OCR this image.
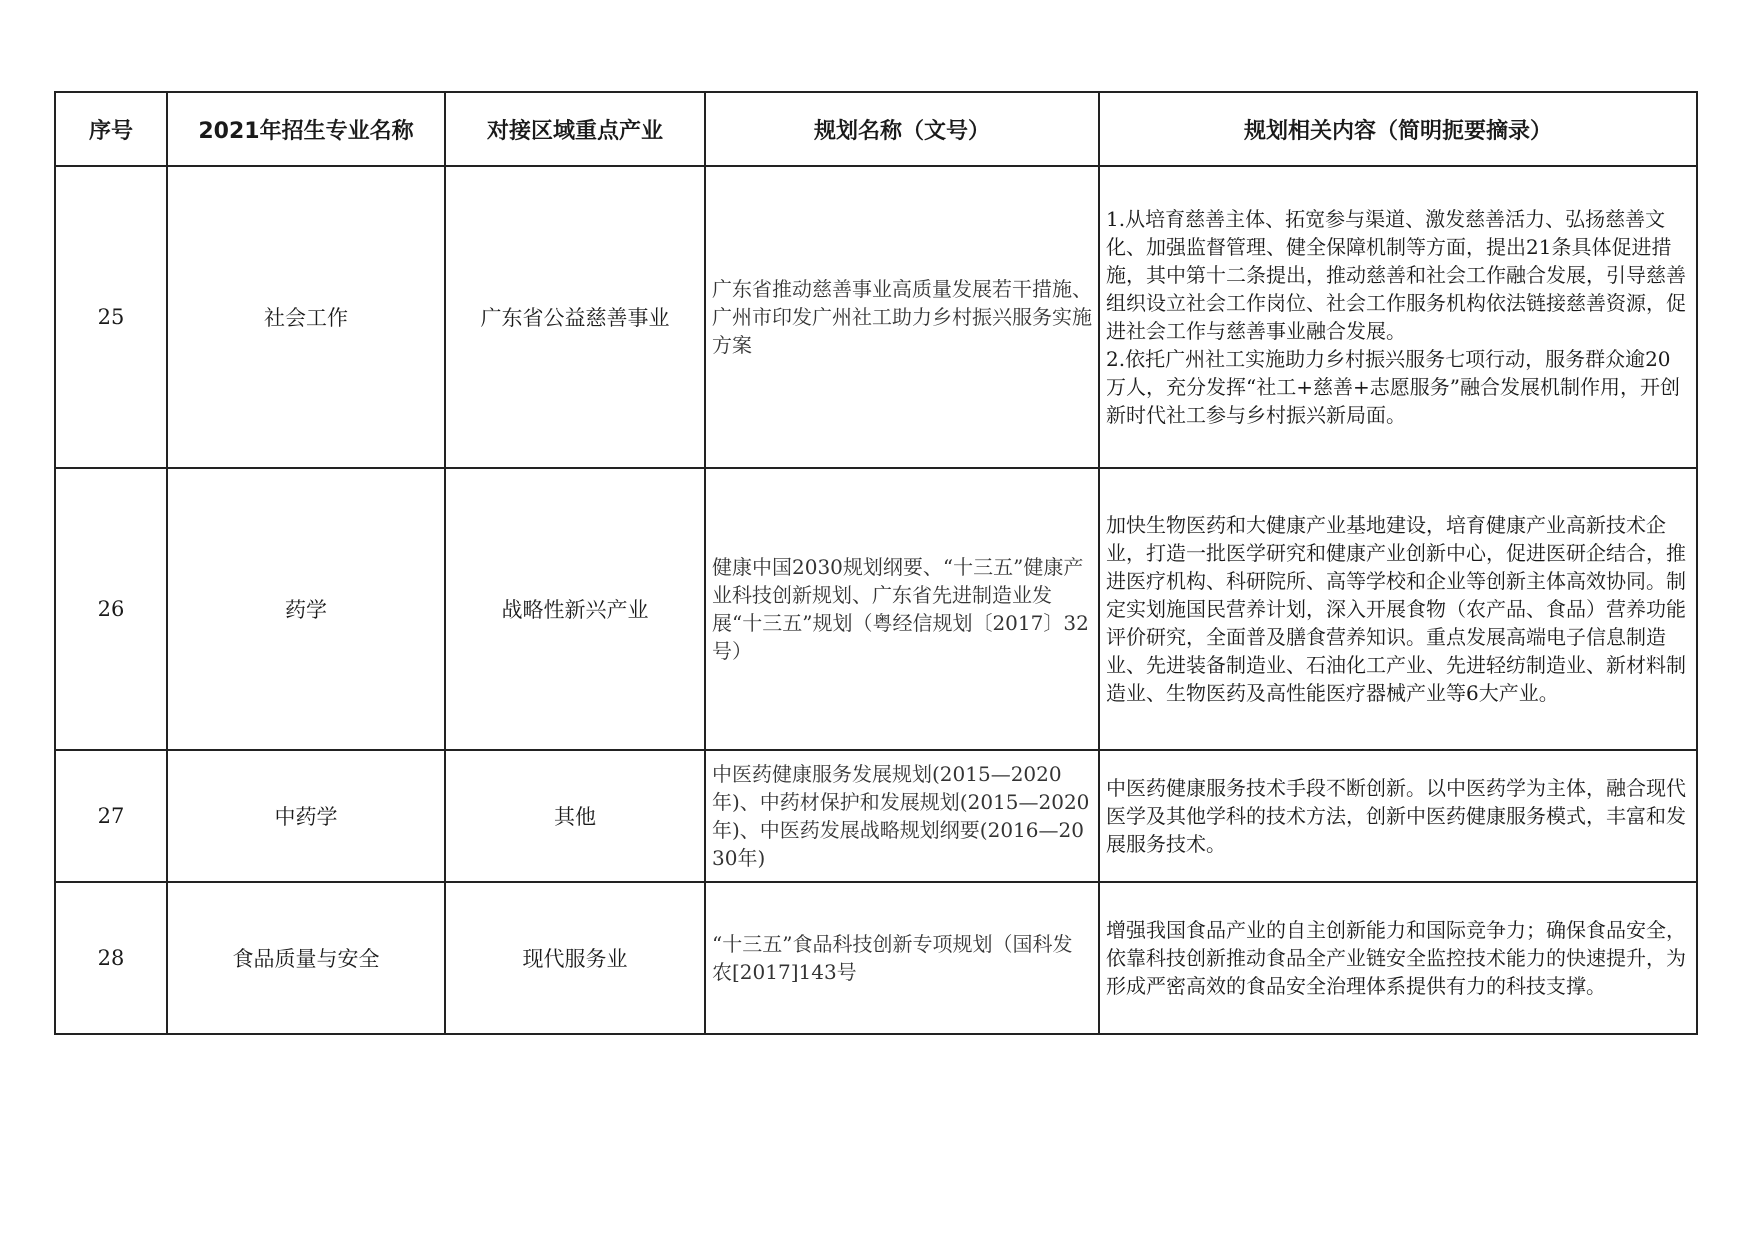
序号	2021年招生专业名称	对接区域重点产业	规划名称（文号）	规划相关内容（简明扼要摘录）
25	社会工作	广东省公益慈善事业	广东省推动慈善事业高质量发展若干措施、广州市印发广州社工助力乡村振兴服务实施方案	1.从培育慈善主体、拓宽参与渠道、激发慈善活力、弘扬慈善文化、加强监督管理、健全保障机制等方面，提出21条具体促进措施，其中第十二条提出，推动慈善和社会工作融合发展，引导慈善组织设立社会工作岗位、社会工作服务机构依法链接慈善资源，促进社会工作与慈善事业融合发展。
2.依托广州社工实施助力乡村振兴服务七项行动，服务群众逾20万人，充分发挥“社工+慈善+志愿服务”融合发展机制作用，开创新时代社工参与乡村振兴新局面。

26	药学	战略性新兴产业	健康中国2030规划纲要、“十三五”健康产业科技创新规划、广东省先进制造业发展“十三五”规划（粤经信规划〔2017〕32号）	加快生物医药和大健康产业基地建设，培育健康产业高新技术企业，打造一批医学研究和健康产业创新中心，促进医研企结合，推进医疗机构、科研院所、高等学校和企业等创新主体高效协同。制定实划施国民营养计划，深入开展食物（农产品、食品）营养功能评价研究，全面普及膳食营养知识。重点发展高端电子信息制造业、先进装备制造业、石油化工产业、先进轻纺制造业、新材料制造业、生物医药及高性能医疗器械产业等6大产业。

27	中药学	其他	中医药健康服务发展规划(2015—2020年)、中药材保护和发展规划(2015—2020年)、中医药发展战略规划纲要(2016—2030年)	中医药健康服务技术手段不断创新。以中医药学为主体，融合现代医学及其他学科的技术方法，创新中医药健康服务模式，丰富和发展服务技术。

28	食品质量与安全	现代服务业	“十三五”食品科技创新专项规划（国科发农[2017]143号	增强我国食品产业的自主创新能力和国际竞争力；确保食品安全，依靠科技创新推动食品全产业链安全监控技术能力的快速提升，为形成严密高效的食品安全治理体系提供有力的科技支撑。
